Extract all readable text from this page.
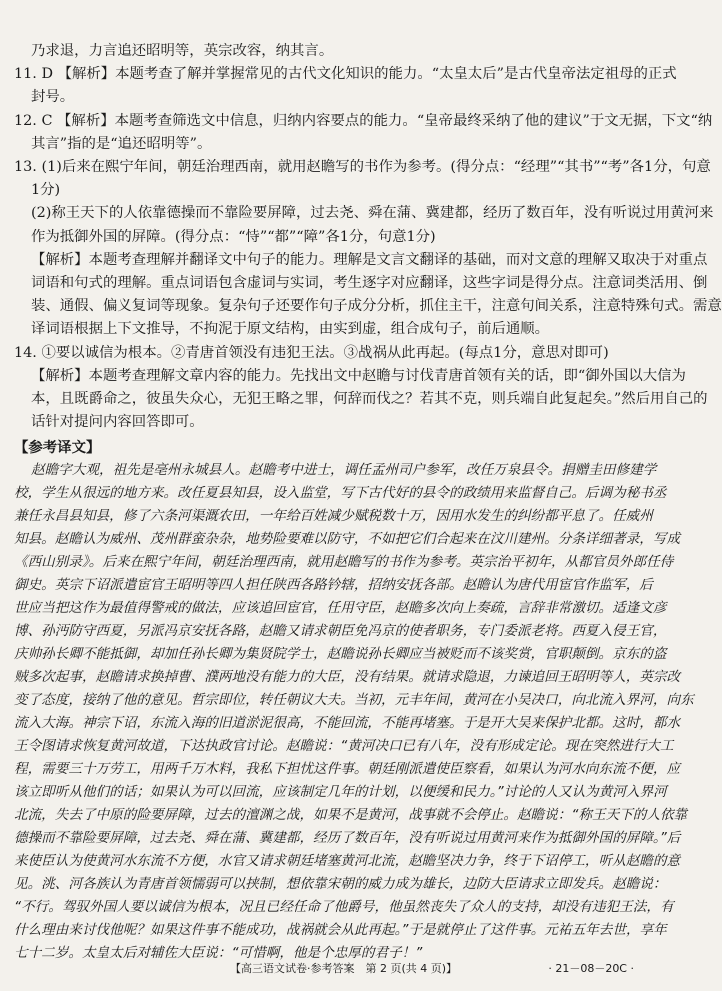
乃求退，力言追还昭明等，英宗改容，纳其言。

11. D 【解析】本题考查了解并掌握常见的古代文化知识的能力。“太皇太后”是古代皇帝法定祖母的正式

封号。

12. C 【解析】本题考查筛选文中信息，归纳内容要点的能力。“皇帝最终采纳了他的建议”于文无据，下文“纳

其言”指的是“追还昭明等”。

13. (1)后来在熙宁年间，朝廷治理西南，就用赵瞻写的书作为参考。(得分点：“经理”“其书”“考”各1分，句意

1分)

(2)称王天下的人依靠德操而不靠险要屏障，过去尧、舜在蒲、冀建都，经历了数百年，没有听说过用黄河来

作为抵御外国的屏障。(得分点：“恃”“都”“障”各1分，句意1分)

【解析】本题考查理解并翻译文中句子的能力。理解是文言文翻译的基础，而对文意的理解又取决于对重点

词语和句式的理解。重点词语包含虚词与实词，考生逐字对应翻译，这些字词是得分点。注意词类活用、倒

装、通假、偏义复词等现象。复杂句子还要作句子成分分析，抓住主干，注意句间关系，注意特殊句式。需意

译词语根据上下文推导，不拘泥于原文结构，由实到虚，组合成句子，前后通顺。

14. ①要以诚信为根本。②青唐首领没有违犯王法。③战祸从此再起。(每点1分，意思对即可)

【解析】本题考查理解文章内容的能力。先找出文中赵瞻与讨伐青唐首领有关的话，即“御外国以大信为

本，且既爵命之，彼虽失众心，无犯王略之罪，何辞而伐之？若其不克，则兵端自此复起矣。”然后用自己的

话针对提问内容回答即可。

【参考译文】

赵瞻字大观，祖先是亳州永城县人。赵瞻考中进士，调任孟州司户参军，改任万泉县令。捐赠圭田修建学

校，学生从很远的地方来。改任夏县知县，设入监堂，写下古代好的县令的政绩用来监督自己。后调为秘书丞

兼任永昌县知县，修了六条河渠溉农田，一年给百姓减少赋税数十万，因用水发生的纠纷都平息了。任威州

知县。赵瞻认为威州、茂州群蛮杂杂，地势险要难以防守，不如把它们合起来在汶川建州。分条详细著录，写成

《西山别录》。后来在熙宁年间，朝廷治理西南，就用赵瞻写的书作为参考。英宗治平初年，从都官员外郎任侍

御史。英宗下诏派遣宦官王昭明等四人担任陕西各路钤辖，招纳安抚各部。赵瞻认为唐代用宦官作监军，后

世应当把这作为最值得警戒的做法，应该追回宦官，任用守臣，赵瞻多次向上奏疏，言辞非常激切。适逢文彦

博、孙沔防守西夏，另派冯京安抚各路，赵瞻又请求朝臣免冯京的使者职务，专门委派老将。西夏入侵王官，

庆帅孙长卿不能抵御，却加任孙长卿为集贤院学士，赵瞻说孙长卿应当被贬而不该奖赏，官职颠倒。京东的盗

贼多次起事，赵瞻请求换掉曹、濮两地没有能力的大臣，没有结果。就请求隐退，力谏追回王昭明等人，英宗改

变了态度，接纳了他的意见。哲宗即位，转任朝议大夫。当初，元丰年间，黄河在小吴决口，向北流入界河，向东

流入大海。神宗下诏，东流入海的旧道淤泥很高，不能回流，不能再堵塞。于是开大吴来保护北都。这时，都水

王令图请求恢复黄河故道，下达执政官讨论。赵瞻说：“黄河决口已有八年，没有形成定论。现在突然进行大工

程，需要三十万劳工，用两千万木料，我私下担忧这件事。朝廷刚派遣使臣察看，如果认为河水向东流不便，应

该立即听从他们的话；如果认为可以回流，应该制定几年的计划，以便缓和民力。”讨论的人又认为黄河入界河

北流，失去了中原的险要屏障，过去的澶渊之战，如果不是黄河，战事就不会停止。赵瞻说：“称王天下的人依靠

德操而不靠险要屏障，过去尧、舜在蒲、冀建都，经历了数百年，没有听说过用黄河来作为抵御外国的屏障。”后

来使臣认为使黄河水东流不方便，水官又请求朝廷堵塞黄河北流，赵瞻坚决力争，终于下诏停工，听从赵瞻的意

见。洮、河各族认为青唐首领懦弱可以挟制，想依靠宋朝的威力成为雄长，边防大臣请求立即发兵。赵瞻说：

“不行。驾驭外国人要以诚信为根本，况且已经任命了他爵号，他虽然丧失了众人的支持，却没有违犯王法，有

什么理由来讨伐他呢？如果这件事不能成功，战祸就会从此再起。”于是就停止了这件事。元祐五年去世，享年

七十二岁。太皇太后对辅佐大臣说：“可惜啊，他是个忠厚的君子！”

【高三语文试卷·参考答案　第 2 页(共 4 页)】	· 21－08－20C ·
